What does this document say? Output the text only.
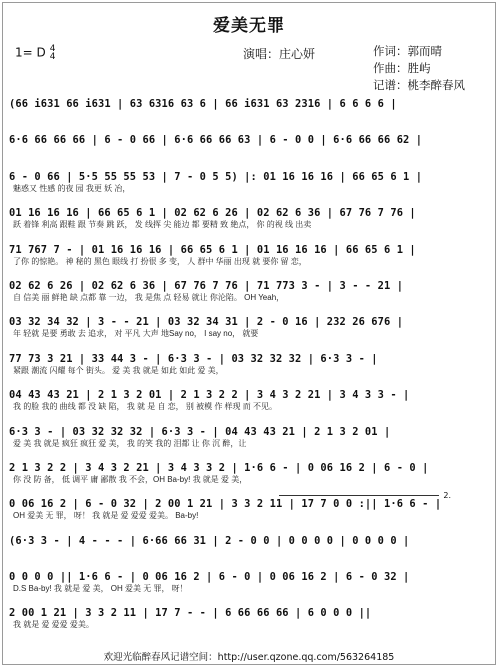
爱美无罪
1= D 4
4	演唱：庄心妍	作词：郭而晴
作曲：胜屿
记谱：桃李醉春风
(66 i631 66 i631 | 63 6316 63 6 | 66 i631 63 2316 | 6 6 6 6 |
6·6 66 66 66 | 6 - 0 66 | 6·6 66 66 63 | 6 - 0 0 | 6·6 66 66 62 |
6 - 0 66 | 5·5 55 55 53 | 7 - 0 5 5) |: 01 16 16 16 | 66 65 6 1 |
魅惑又 性感 的夜 园 我更 妖 冶，
01 16 16 16 | 66 65 6 1 | 02 62 6 26 | 02 62 6 36 | 67 76 7 76 |
跃 着锋 利高 跟鞋 跟 节奏 跳 跃， 发 线挥 尖 能边 都 要精 致 絶点， 你 的视 线 出卖
71 767 7 - | 01 16 16 16 | 66 65 6 1 | 01 16 16 16 | 66 65 6 1 |
了你 的惊艳。 神 秘的 黑色 眼线 打 扮很 多 变， 人 群中 华丽 出现 就 要你 留 恋，
02 62 6 26 | 02 62 6 36 | 67 76 7 76 | 71 773 3 - | 3 - - 21 |
自 信美 丽 鲜艳 缺 点都 靠 一边， 我 是焦 点 轻易 就让 你沦陷。 OH Yeah，
03 32 34 32 | 3 - - 21 | 03 32 34 31 | 2 - 0 16 | 232 26 676 |
年 轻就 是要 勇敢 去 追求， 对 平凡 大声 地Say no， I say no， 就要
77 73 3 21 | 33 44 3 - | 6·3 3 - | 03 32 32 32 | 6·3 3 - |
紧跟 潮流 闪耀 每个 街头。 爱 美 我 就是 如此 如此 爱 美，
04 43 43 21 | 2 1 3 2 01 | 2 1 3 2 2 | 3 4 3 2 21 | 3 4 3 3 - |
我 的脸 我的 曲线 都 没 缺 陷， 我 就 是 自 恋， 别 被模 作 样现 而 不见。
6·3 3 - | 03 32 32 32 | 6·3 3 - | 04 43 43 21 | 2 1 3 2 01 |
爱 美 我 就是 疯狂 疯狂 爱 美， 我 的笑 我的 泪都 让 你 沉 醉，让
2 1 3 2 2 | 3 4 3 2 21 | 3 4 3 3 2 | 1·6 6 - | 0 06 16 2 | 6 - 0 |
你 没 防 备， 低 调平 庸 鄙散 我 不会，OH Ba-by! 我 就是 爱 美，
2.
0 06 16 2 | 6 - 0 32 | 2 00 1 21 | 3 3 2 11 | 17 7 0 0 :|| 1·6 6 - |
OH 爱美 无 罪， 呀！ 我 就是 爱 爱爱 爱美。 Ba-by!
(6·3 3 - | 4 - - - | 6·66 66 31 | 2 - 0 0 | 0 0 0 0 | 0 0 0 0 |
0 0 0 0 || 1·6 6 - | 0 06 16 2 | 6 - 0 | 0 06 16 2 | 6 - 0 32 |
D.S Ba-by! 我 就是 爱 美， OH 爱美 无 罪， 呀！
2 00 1 21 | 3 3 2 11 | 17 7 - - | 6 66 66 66 | 6 0 0 0 ||
我 就是 爱 爱爱 爱美。
欢迎光临醉春风记谱空间：http://user.qzone.qq.com/563264185
